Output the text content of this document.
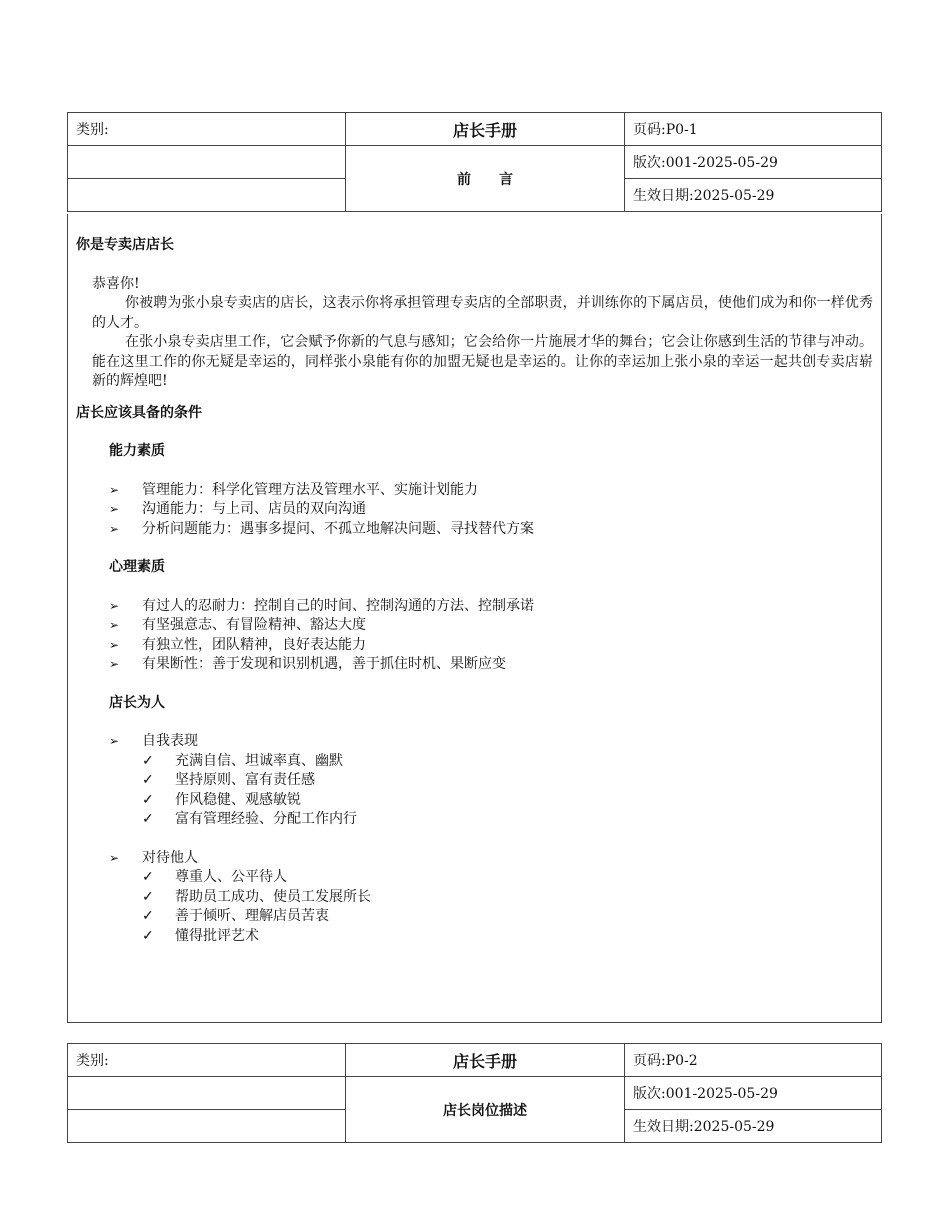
类别:	店长手册	页码:P0-1
	前　　言	版次:001-2025-05-29
		生效日期:2025-05-29

你是专卖店店长

恭喜你!

你被聘为张小泉专卖店的店长，这表示你将承担管理专卖店的全部职责，并训练你的下属店员，使他们成为和你一样优秀的人才。

在张小泉专卖店里工作，它会赋予你新的气息与感知；它会给你一片施展才华的舞台；它会让你感到生活的节律与冲动。能在这里工作的你无疑是幸运的，同样张小泉能有你的加盟无疑也是幸运的。让你的幸运加上张小泉的幸运一起共创专卖店崭新的辉煌吧!

店长应该具备的条件

能力素质

➢ 管理能力：科学化管理方法及管理水平、实施计划能力
➢ 沟通能力：与上司、店员的双向沟通
➢ 分析问题能力：遇事多提问、不孤立地解决问题、寻找替代方案

心理素质

➢ 有过人的忍耐力：控制自己的时间、控制沟通的方法、控制承诺
➢ 有坚强意志、有冒险精神、豁达大度
➢ 有独立性，团队精神，良好表达能力
➢ 有果断性：善于发现和识别机遇，善于抓住时机、果断应变

店长为人

➢ 自我表现
✓ 充满自信、坦诚率真、幽默
✓ 坚持原则、富有责任感
✓ 作风稳健、观感敏锐
✓ 富有管理经验、分配工作内行
➢ 对待他人
✓ 尊重人、公平待人
✓ 帮助员工成功、使员工发展所长
✓ 善于倾听、理解店员苦衷
✓ 懂得批评艺术
类别:	店长手册	页码:P0-2
	店长岗位描述	版次:001-2025-05-29
		生效日期:2025-05-29
